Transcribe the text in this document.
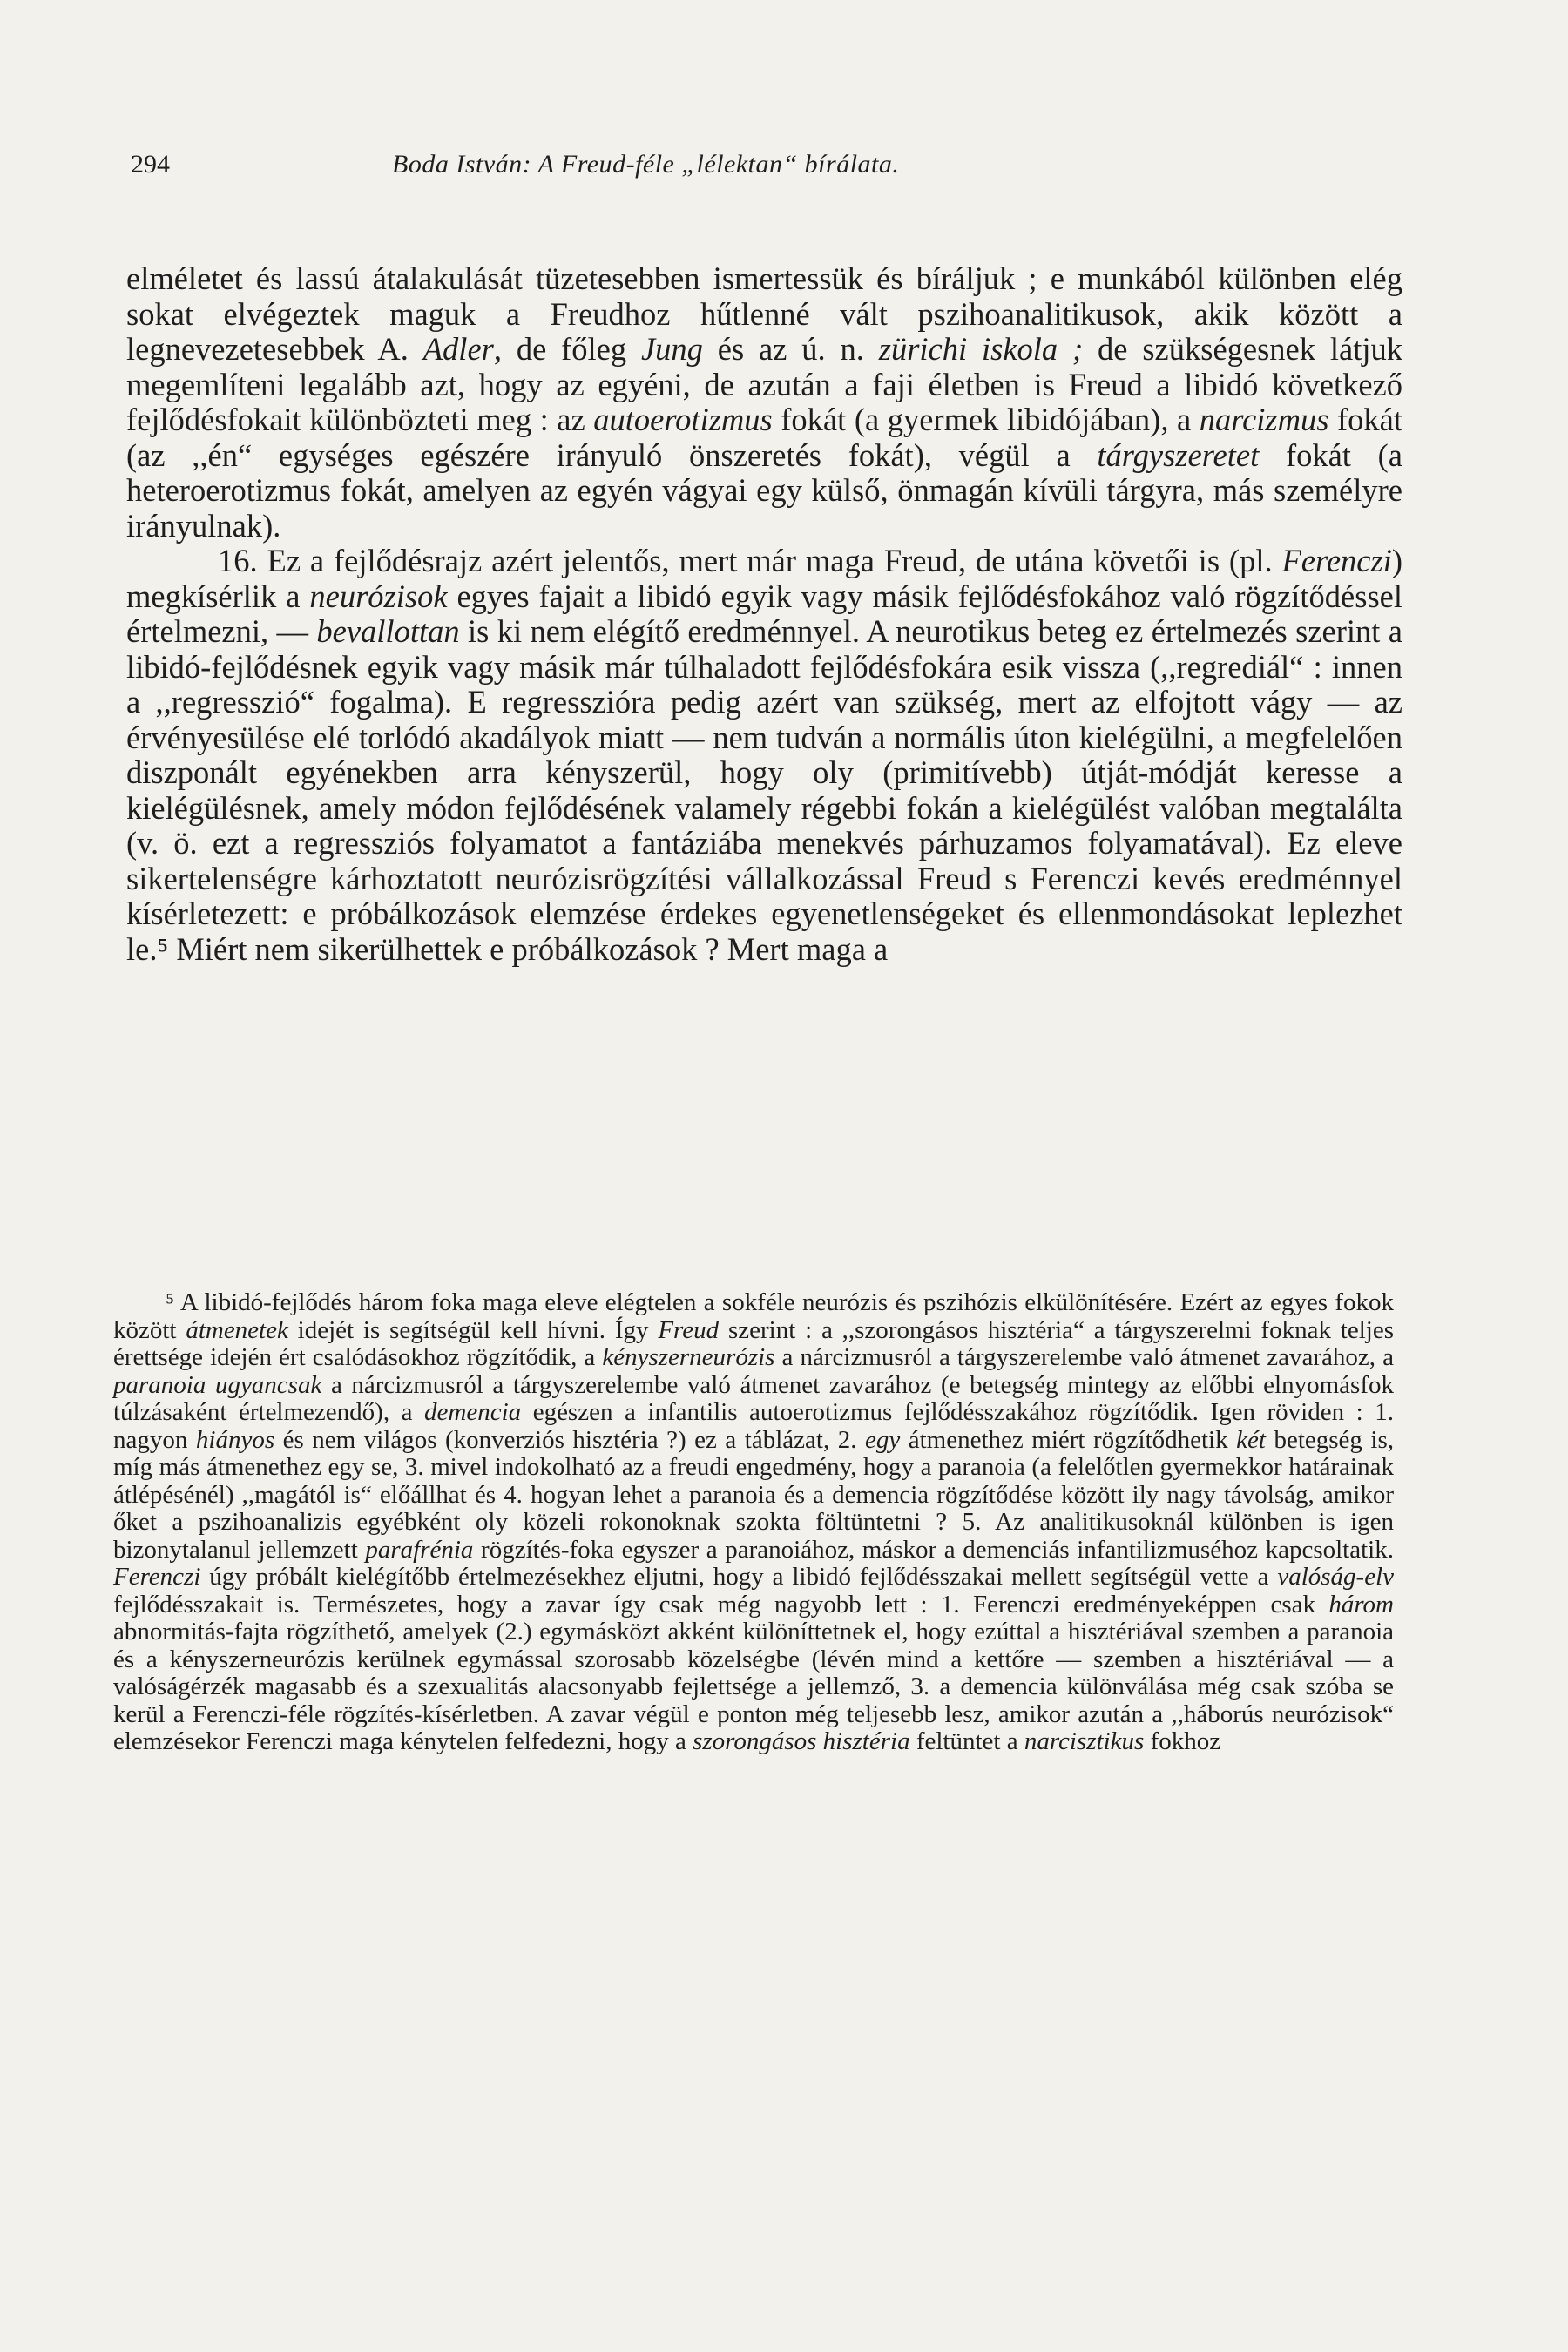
294	Boda István: A Freud-féle „lélektan“ bírálata.

elméletet és lassú átalakulását tüzetesebben ismertessük és bíráljuk ; e munkából különben elég sokat elvégeztek maguk a Freudhoz hűtlenné vált pszihoanalitikusok, akik között a legnevezetesebbek A. Adler, de főleg Jung és az ú. n. zürichi iskola ; de szükségesnek látjuk megemlíteni legalább azt, hogy az egyéni, de azután a faji életben is Freud a libidó következő fejlődésfokait különbözteti meg : az autoerotizmus fokát (a gyermek libidójában), a narcizmus fokát (az ,,én“ egységes egészére irányuló önszeretés fokát), végül a tárgyszeretet fokát (a heteroerotizmus fokát, amelyen az egyén vágyai egy külső, önmagán kívüli tárgyra, más személyre irányulnak).

16. Ez a fejlődésrajz azért jelentős, mert már maga Freud, de utána követői is (pl. Ferenczi) megkísérlik a neurózisok egyes fajait a libidó egyik vagy másik fejlődésfokához való rögzítődéssel értelmezni, — bevallottan is ki nem elégítő eredménnyel. A neurotikus beteg ez értelmezés szerint a libidó-fejlődésnek egyik vagy másik már túlhaladott fejlődésfokára esik vissza (,,regrediál“ : innen a ,,regresszió“ fogalma). E regresszióra pedig azért van szükség, mert az elfojtott vágy — az érvényesülése elé torlódó akadályok miatt — nem tudván a normális úton kielégülni, a megfelelően diszponált egyénekben arra kényszerül, hogy oly (primitívebb) útját-módját keresse a kielégülésnek, amely módon fejlődésének valamely régebbi fokán a kielégülést valóban megtalálta (v. ö. ezt a regressziós folyamatot a fantáziába menekvés párhuzamos folyamatával). Ez eleve sikertelenségre kárhoztatott neurózisrögzítési vállalkozással Freud s Ferenczi kevés eredménnyel kísérletezett: e próbálkozások elemzése érdekes egyenetlenségeket és ellenmondásokat leplezhet le.⁵ Miért nem sikerülhettek e próbálkozások ? Mert maga a

⁵ A libidó-fejlődés három foka maga eleve elégtelen a sokféle neurózis és pszihózis elkülönítésére. Ezért az egyes fokok között átmenetek idejét is segítségül kell hívni. Így Freud szerint : a ,,szorongásos hisztéria“ a tárgyszerelmi foknak teljes érettsége idején ért csalódásokhoz rögzítődik, a kényszerneurózis a nárcizmusról a tárgyszerelembe való átmenet zavarához, a paranoia ugyancsak a nárcizmusról a tárgyszerelembe való átmenet zavarához (e betegség mintegy az előbbi elnyomásfok túlzásaként értelmezendő), a demencia egészen a infantilis autoerotizmus fejlődésszakához rögzítődik. Igen röviden : 1. nagyon hiányos és nem világos (konverziós hisztéria ?) ez a táblázat, 2. egy átmenethez miért rögzítődhetik két betegség is, míg más átmenethez egy se, 3. mivel indokolható az a freudi engedmény, hogy a paranoia (a felelőtlen gyermekkor határainak átlépésénél) ,,magától is“ előállhat és 4. hogyan lehet a paranoia és a demencia rögzítődése között ily nagy távolság, amikor őket a pszihoanalizis egyébként oly közeli rokonoknak szokta föltüntetni ? 5. Az analitikusoknál különben is igen bizonytalanul jellemzett parafrénia rögzítés-foka egyszer a paranoiához, máskor a demenciás infantilizmuséhoz kapcsoltatik. Ferenczi úgy próbált kielégítőbb értelmezésekhez eljutni, hogy a libidó fejlődésszakai mellett segítségül vette a valóság-elv fejlődésszakait is. Természetes, hogy a zavar így csak még nagyobb lett : 1. Ferenczi eredményeképpen csak három abnormitás-fajta rögzíthető, amelyek (2.) egymásközt akként különíttetnek el, hogy ezúttal a hisztériával szemben a paranoia és a kényszerneurózis kerülnek egymással szorosabb közelségbe (lévén mind a kettőre — szemben a hisztériával — a valóságérzék magasabb és a szexualitás alacsonyabb fejlettsége a jellemző, 3. a demencia különválása még csak szóba se kerül a Ferenczi-féle rögzítés-kísérletben. A zavar végül e ponton még teljesebb lesz, amikor azután a ,,háborús neurózisok“ elemzésekor Ferenczi maga kénytelen felfedezni, hogy a szorongásos hisztéria feltüntet a narcisztikus fokhoz
